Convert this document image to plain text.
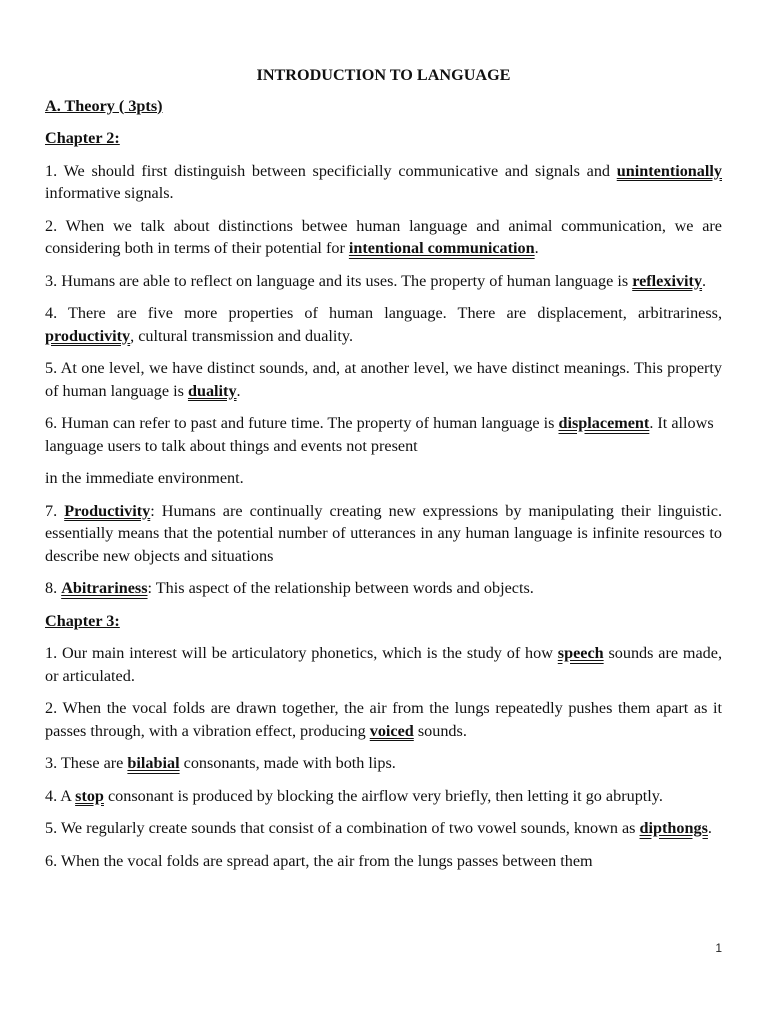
INTRODUCTION TO LANGUAGE

A. Theory ( 3pts)

Chapter 2:

1. We should first distinguish between specificially communicative and signals and unintentionally informative signals.

2. When we talk about distinctions betwee human language and animal communication, we are considering both in terms of their potential for intentional communication.

3. Humans are able to reflect on language and its uses. The property of human language is reflexivity.

4. There are five more properties of human language. There are displacement, arbitrariness, productivity, cultural transmission and duality.

5. At one level, we have distinct sounds, and, at another level, we have distinct meanings. This property of human language is duality.

6. Human can refer to past and future time. The property of human language is displacement. It allows language users to talk about things and events not present

in the immediate environment.

7. Productivity: Humans are continually creating new expressions by manipulating their linguistic. essentially means that the potential number of utterances in any human language is infinite resources to describe new objects and situations

8. Abitrariness: This aspect of the relationship between words and objects.

Chapter 3:

1. Our main interest will be articulatory phonetics, which is the study of how speech sounds are made, or articulated.

2. When the vocal folds are drawn together, the air from the lungs repeatedly pushes them apart as it passes through, with a vibration effect, producing voiced sounds.

3. These are bilabial consonants, made with both lips.

4. A stop consonant is produced by blocking the airflow very briefly, then letting it go abruptly.

5. We regularly create sounds that consist of a combination of two vowel sounds, known as dipthongs.

6. When the vocal folds are spread apart, the air from the lungs passes between them

1
